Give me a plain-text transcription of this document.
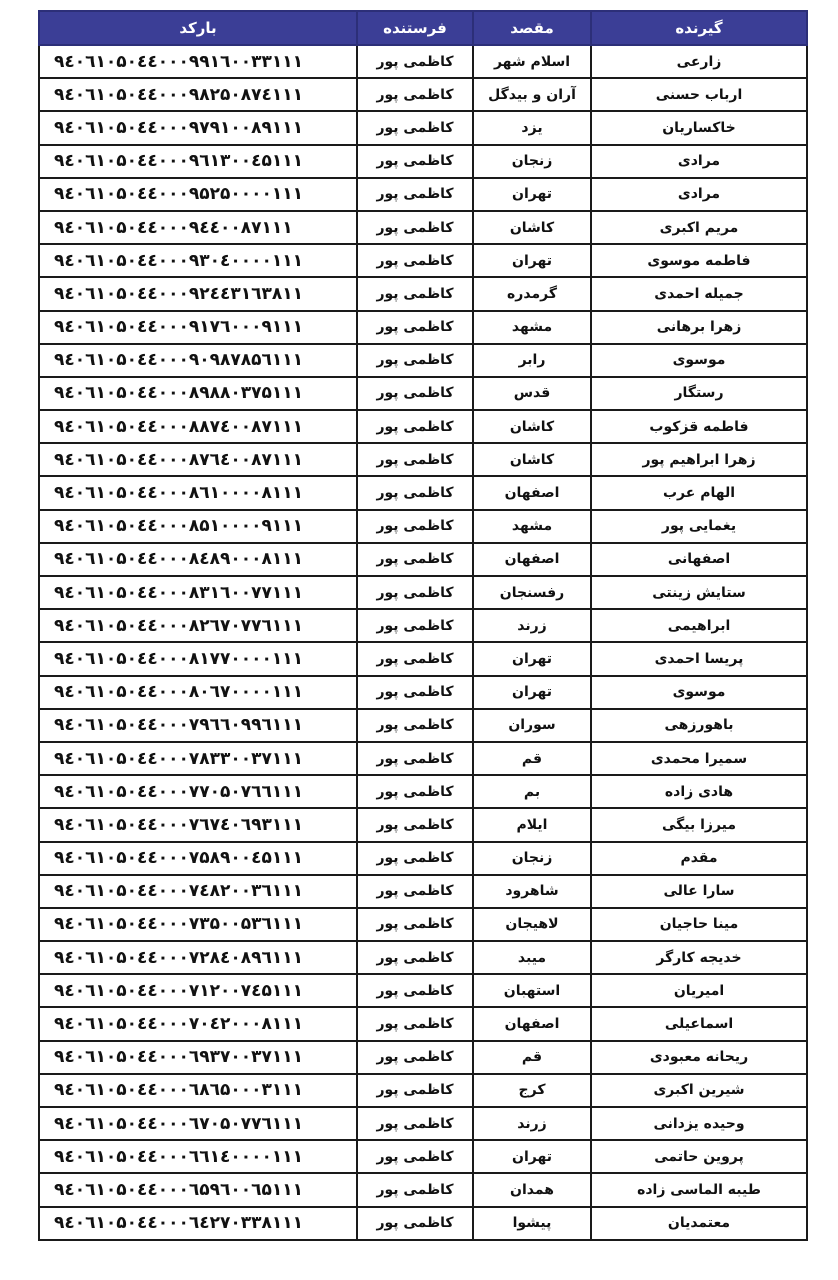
گیرنده	مقصد	فرستنده	بارکد
زارعی	اسلام شهر	کاظمی پور	۹٤۰٦۱۰۵۰٤٤۰۰۰۹۹۱٦۰۰۳۳۱۱۱
ارباب حسنی	آران و بیدگل	کاظمی پور	۹٤۰٦۱۰۵۰٤٤۰۰۰۹۸۲۵۰۸۷٤۱۱۱
خاکساریان	یزد	کاظمی پور	۹٤۰٦۱۰۵۰٤٤۰۰۰۹۷۹۱۰۰۸۹۱۱۱
مرادی	زنجان	کاظمی پور	۹٤۰٦۱۰۵۰٤٤۰۰۰۹٦۱۳۰۰٤۵۱۱۱
مرادی	تهران	کاظمی پور	۹٤۰٦۱۰۵۰٤٤۰۰۰۹۵۲۵۰۰۰۰۱۱۱
مریم اکبری	کاشان	کاظمی پور	۹٤۰٦۱۰۵۰٤٤۰۰۰۹٤٤۰۰۸۷۱۱۱
فاطمه موسوی	تهران	کاظمی پور	۹٤۰٦۱۰۵۰٤٤۰۰۰۹۳۰٤۰۰۰۰۱۱۱
جمیله احمدی	گرمدره	کاظمی پور	۹٤۰٦۱۰۵۰٤٤۰۰۰۹۲٤٤۳۱٦۳۸۱۱
زهرا برهانی	مشهد	کاظمی پور	۹٤۰٦۱۰۵۰٤٤۰۰۰۹۱۷٦۰۰۰۹۱۱۱
موسوی	رابر	کاظمی پور	۹٤۰٦۱۰۵۰٤٤۰۰۰۹۰۹۸۷۸۵٦۱۱۱
رستگار	قدس	کاظمی پور	۹٤۰٦۱۰۵۰٤٤۰۰۰۸۹۸۸۰۳۷۵۱۱۱
فاطمه قزکوب	کاشان	کاظمی پور	۹٤۰٦۱۰۵۰٤٤۰۰۰۸۸۷٤۰۰۸۷۱۱۱
زهرا ابراهیم پور	کاشان	کاظمی پور	۹٤۰٦۱۰۵۰٤٤۰۰۰۸۷٦٤۰۰۸۷۱۱۱
الهام عرب	اصفهان	کاظمی پور	۹٤۰٦۱۰۵۰٤٤۰۰۰۸٦۱۰۰۰۰۸۱۱۱
یغمایی پور	مشهد	کاظمی پور	۹٤۰٦۱۰۵۰٤٤۰۰۰۸۵۱۰۰۰۰۹۱۱۱
اصفهانی	اصفهان	کاظمی پور	۹٤۰٦۱۰۵۰٤٤۰۰۰۸٤۸۹۰۰۰۸۱۱۱
ستایش زینتی	رفسنجان	کاظمی پور	۹٤۰٦۱۰۵۰٤٤۰۰۰۸۳۱٦۰۰۷۷۱۱۱
ابراهیمی	زرند	کاظمی پور	۹٤۰٦۱۰۵۰٤٤۰۰۰۸۲٦۷۰۷۷٦۱۱۱
پریسا احمدی	تهران	کاظمی پور	۹٤۰٦۱۰۵۰٤٤۰۰۰۸۱۷۷۰۰۰۰۱۱۱
موسوی	تهران	کاظمی پور	۹٤۰٦۱۰۵۰٤٤۰۰۰۸۰٦۷۰۰۰۰۱۱۱
باهورزهی	سوران	کاظمی پور	۹٤۰٦۱۰۵۰٤٤۰۰۰۷۹٦٦۰۹۹٦۱۱۱
سمیرا محمدی	قم	کاظمی پور	۹٤۰٦۱۰۵۰٤٤۰۰۰۷۸۳۳۰۰۳۷۱۱۱
هادی زاده	بم	کاظمی پور	۹٤۰٦۱۰۵۰٤٤۰۰۰۷۷۰۵۰۷٦٦۱۱۱
میرزا بیگی	ایلام	کاظمی پور	۹٤۰٦۱۰۵۰٤٤۰۰۰۷٦۷٤۰٦۹۳۱۱۱
مقدم	زنجان	کاظمی پور	۹٤۰٦۱۰۵۰٤٤۰۰۰۷۵۸۹۰۰٤۵۱۱۱
سارا عالی	شاهرود	کاظمی پور	۹٤۰٦۱۰۵۰٤٤۰۰۰۷٤۸۲۰۰۳٦۱۱۱
مینا حاجیان	لاهیجان	کاظمی پور	۹٤۰٦۱۰۵۰٤٤۰۰۰۷۳۵۰۰۵۳٦۱۱۱
خدیجه کارگر	میبد	کاظمی پور	۹٤۰٦۱۰۵۰٤٤۰۰۰۷۲۸٤۰۸۹٦۱۱۱
امیریان	استهبان	کاظمی پور	۹٤۰٦۱۰۵۰٤٤۰۰۰۷۱۲۰۰۷٤۵۱۱۱
اسماعیلی	اصفهان	کاظمی پور	۹٤۰٦۱۰۵۰٤٤۰۰۰۷۰٤۲۰۰۰۸۱۱۱
ریحانه معبودی	قم	کاظمی پور	۹٤۰٦۱۰۵۰٤٤۰۰۰٦۹۳۷۰۰۳۷۱۱۱
شیرین اکبری	کرج	کاظمی پور	۹٤۰٦۱۰۵۰٤٤۰۰۰٦۸٦۵۰۰۰۳۱۱۱
وحیده یزدانی	زرند	کاظمی پور	۹٤۰٦۱۰۵۰٤٤۰۰۰٦۷۰۵۰۷۷٦۱۱۱
پروین حاتمی	تهران	کاظمی پور	۹٤۰٦۱۰۵۰٤٤۰۰۰٦٦۱٤۰۰۰۰۱۱۱
طیبه الماسی زاده	همدان	کاظمی پور	۹٤۰٦۱۰۵۰٤٤۰۰۰٦۵۹٦۰۰٦۵۱۱۱
معتمدیان	پیشوا	کاظمی پور	۹٤۰٦۱۰۵۰٤٤۰۰۰٦٤۲۷۰۳۳۸۱۱۱
